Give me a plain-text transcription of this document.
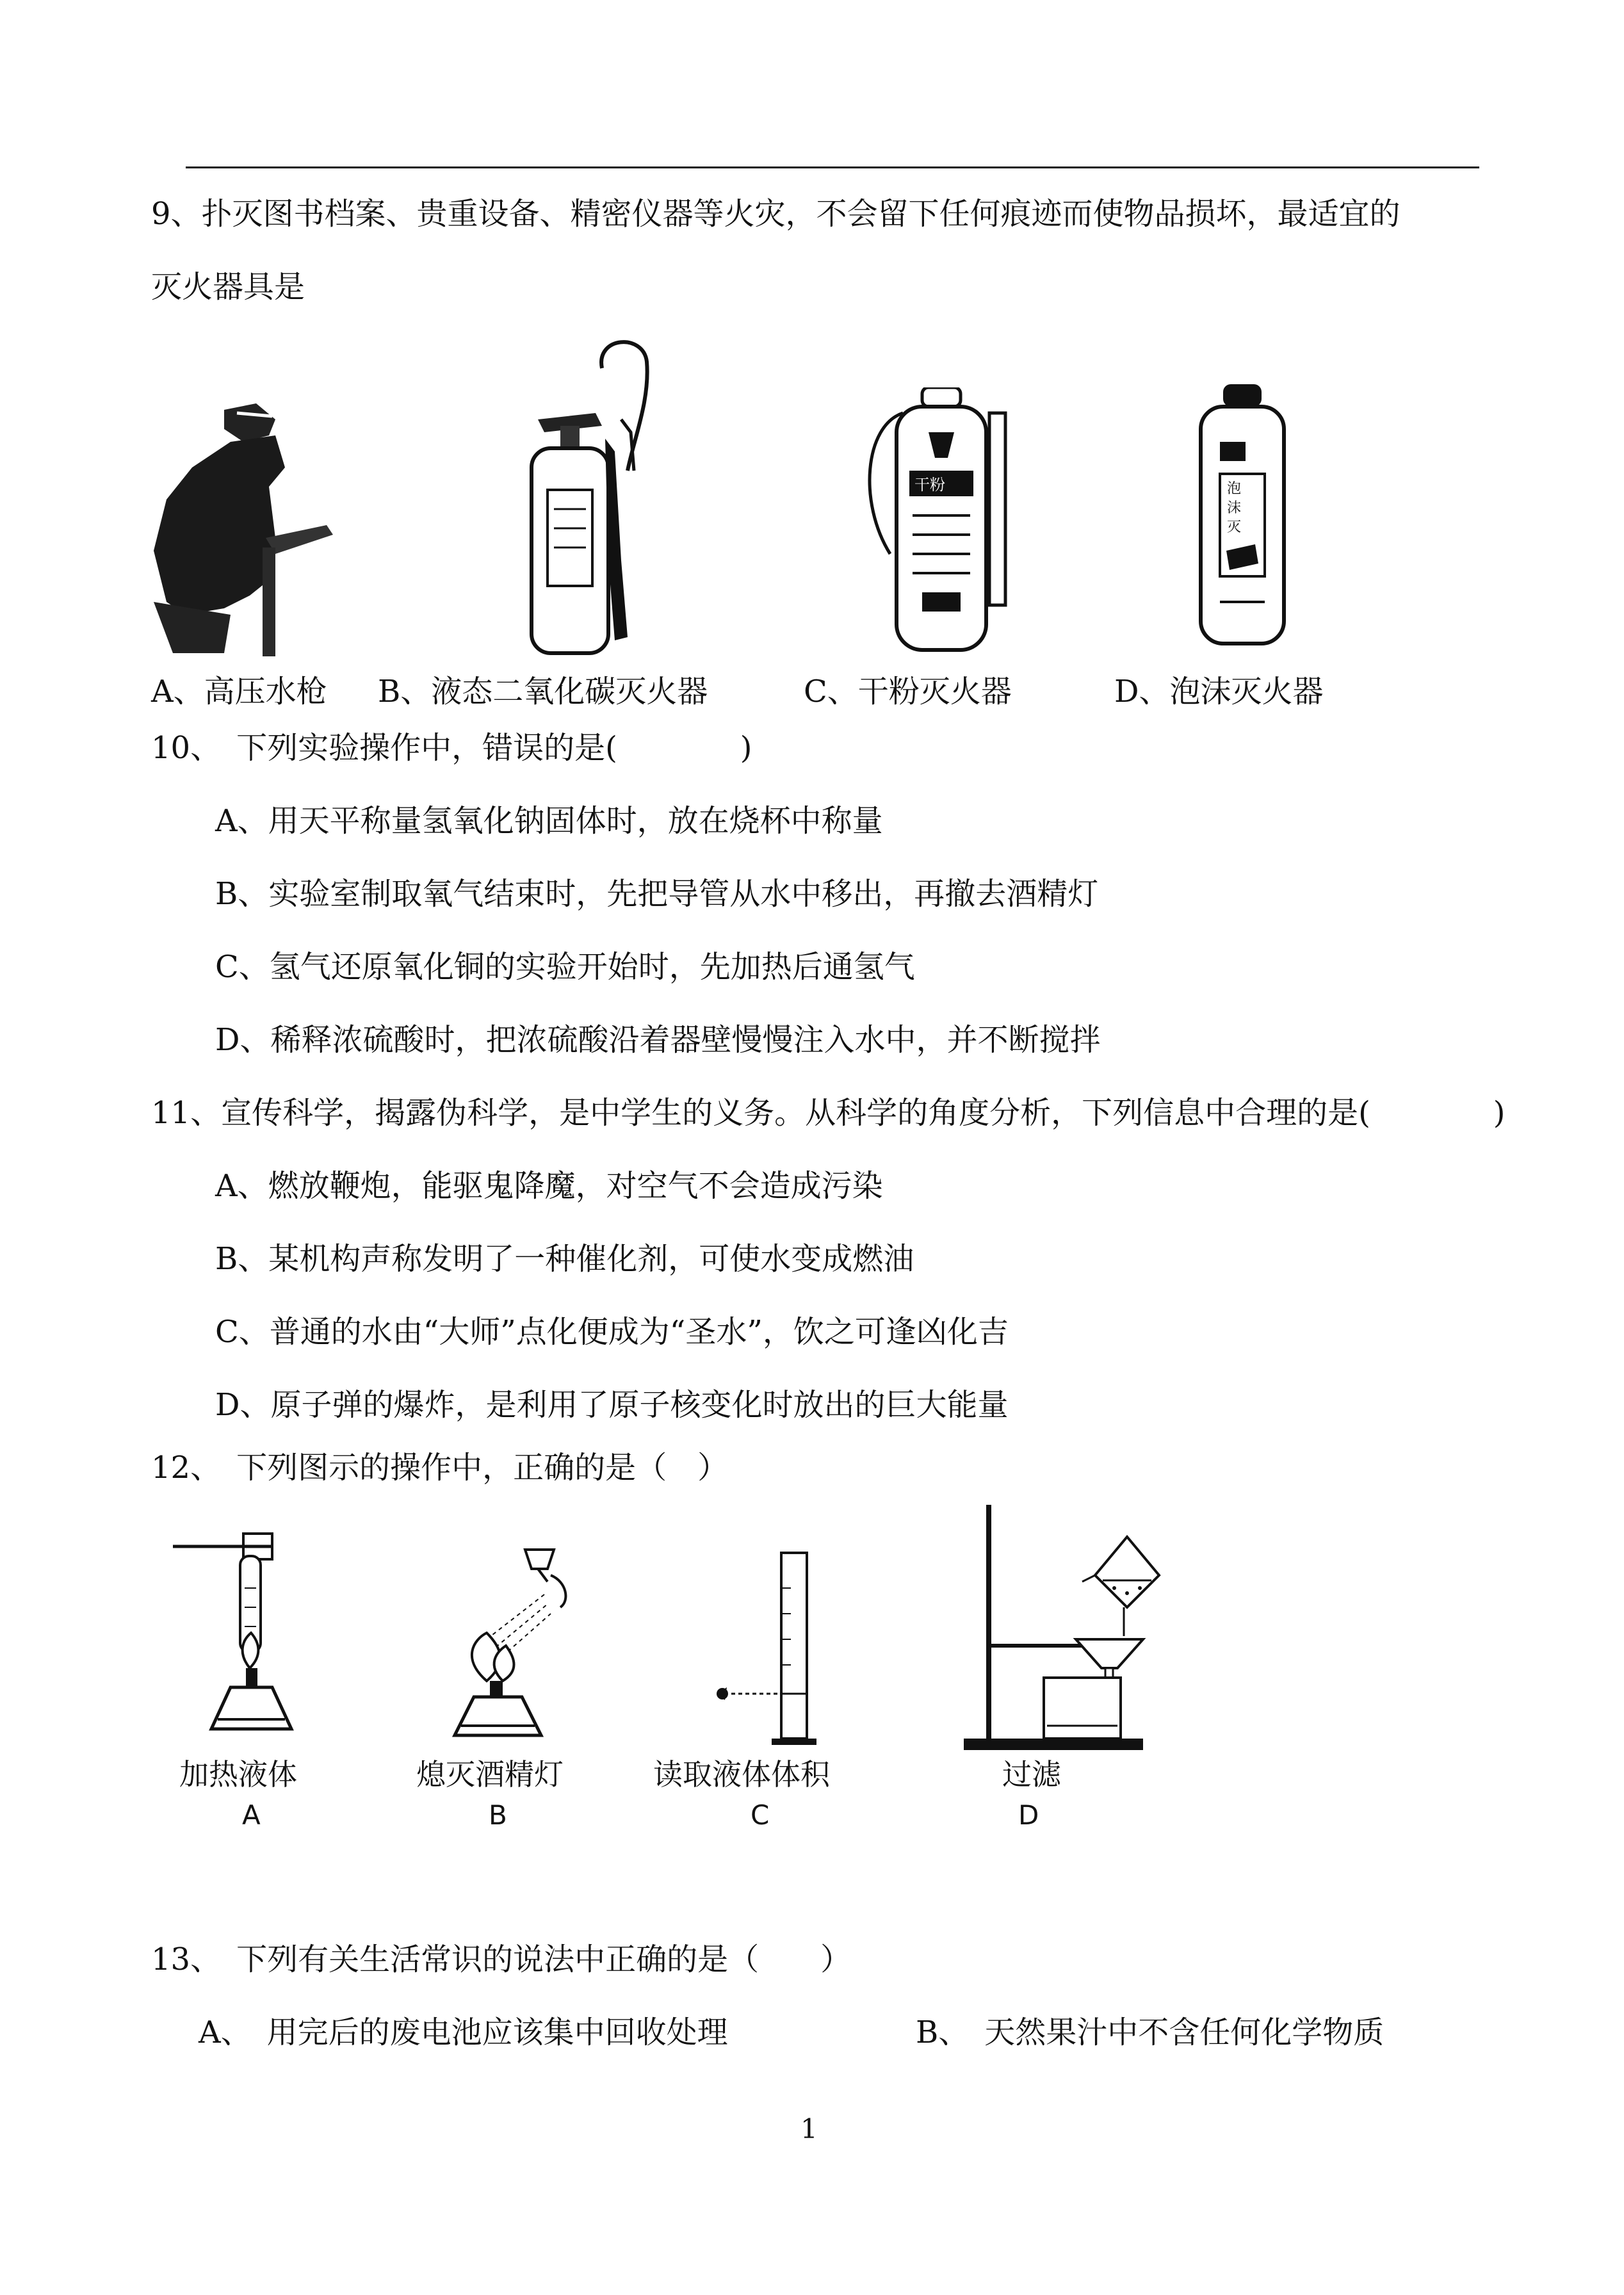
9、扑灭图书档案、贵重设备、精密仪器等火灾，不会留下任何痕迹而使物品损坏，最适宜的
灭火器具是
干粉	泡
沫
灭
A、高压水枪 B、液态二氧化碳灭火器	C、干粉灭火器	D、泡沫灭火器
10、　下列实验操作中，错误的是(　　　　)
A、用天平称量氢氧化钠固体时，放在烧杯中称量
B、实验室制取氧气结束时，先把导管从水中移出，再撤去酒精灯
C、氢气还原氧化铜的实验开始时，先加热后通氢气
D、稀释浓硫酸时，把浓硫酸沿着器壁慢慢注入水中，并不断搅拌
11、宣传科学，揭露伪科学，是中学生的义务。从科学的角度分析，下列信息中合理的是(　　　　)
A、燃放鞭炮，能驱鬼降魔，对空气不会造成污染
B、某机构声称发明了一种催化剂，可使水变成燃油
C、普通的水由“大师”点化便成为“圣水”，饮之可逢凶化吉
D、原子弹的爆炸，是利用了原子核变化时放出的巨大能量
12、　下列图示的操作中，正确的是（　）
加热液体
A
熄灭酒精灯
B
读取液体体积
C
过滤
D
13、　下列有关生活常识的说法中正确的是（　　）
A、　用完后的废电池应该集中回收处理	B、　天然果汁中不含任何化学物质
1
